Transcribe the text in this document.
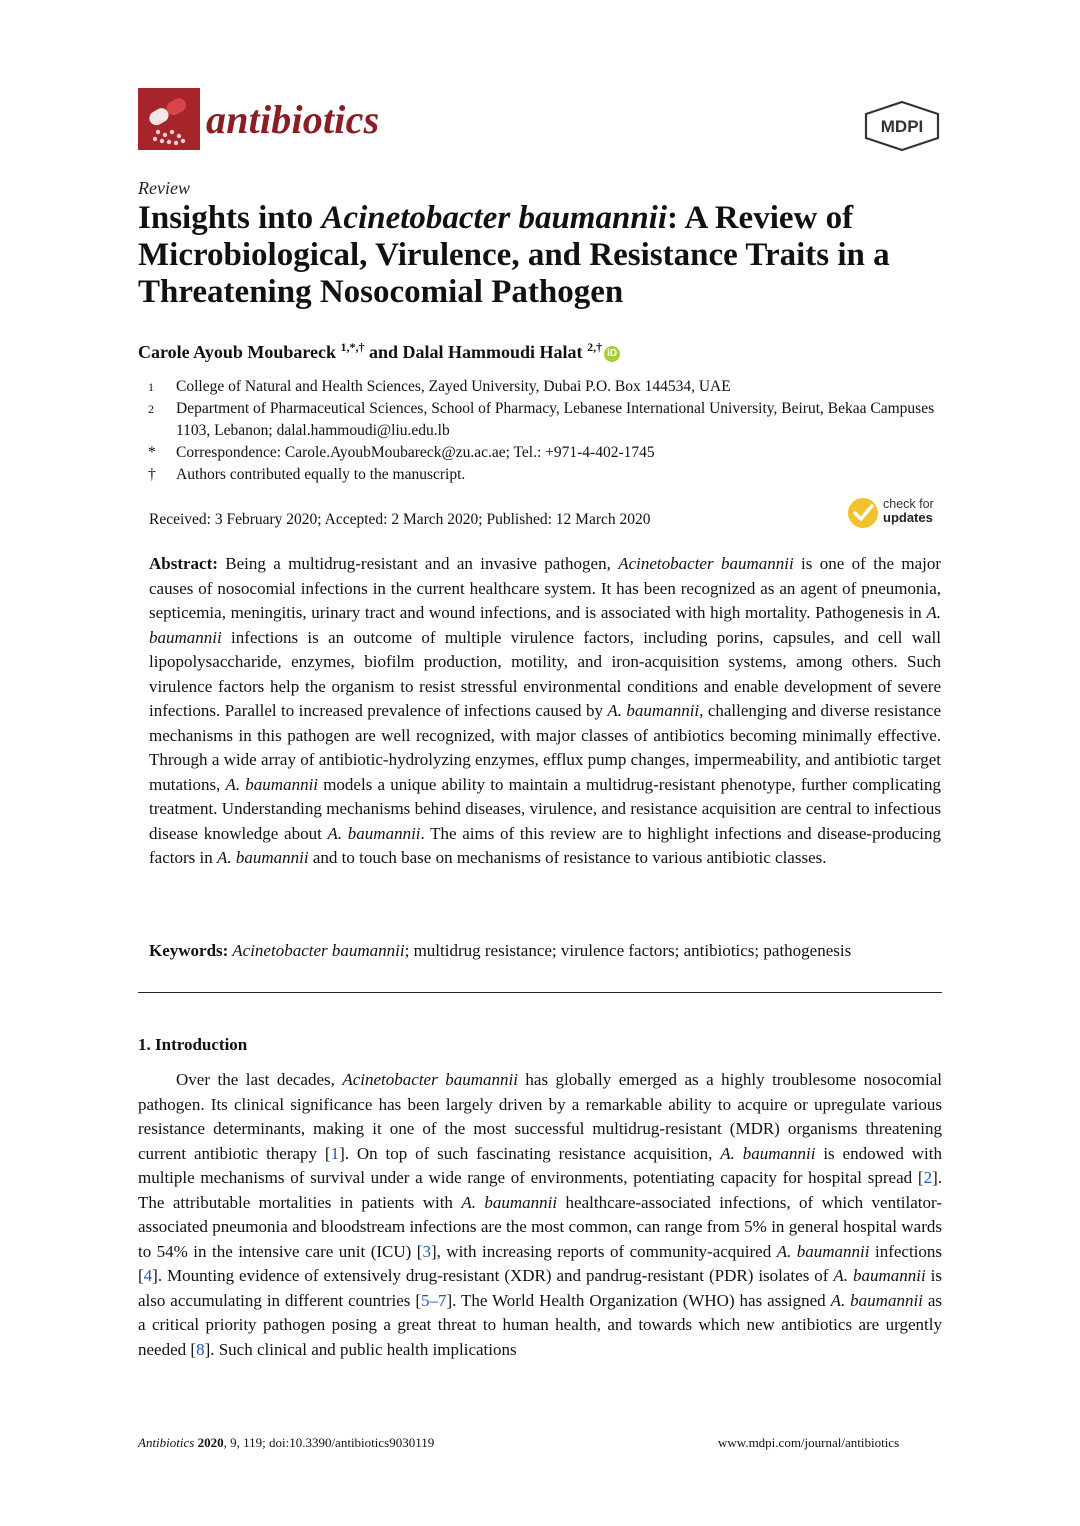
antibiotics	MDPI
Review
Insights into Acinetobacter baumannii: A Review of Microbiological, Virulence, and Resistance Traits in a Threatening Nosocomial Pathogen
Carole Ayoub Moubareck $^{1,*,\dagger}$ and Dalal Hammoudi Halat $^{2,\dagger}$ iD
1	College of Natural and Health Sciences, Zayed University, Dubai P.O. Box 144534, UAE
2	Department of Pharmaceutical Sciences, School of Pharmacy, Lebanese International University, Beirut, Bekaa Campuses 1103, Lebanon; dalal.hammoudi@liu.edu.lb
*	Correspondence: Carole.AyoubMoubareck@zu.ac.ae; Tel.: +971-4-402-1745
†	Authors contributed equally to the manuscript.
Received: 3 February 2020; Accepted: 2 March 2020; Published: 12 March 2020
check for
updates
Abstract: Being a multidrug-resistant and an invasive pathogen, Acinetobacter baumannii is one of the major causes of nosocomial infections in the current healthcare system. It has been recognized as an agent of pneumonia, septicemia, meningitis, urinary tract and wound infections, and is associated with high mortality. Pathogenesis in A. baumannii infections is an outcome of multiple virulence factors, including porins, capsules, and cell wall lipopolysaccharide, enzymes, biofilm production, motility, and iron-acquisition systems, among others. Such virulence factors help the organism to resist stressful environmental conditions and enable development of severe infections. Parallel to increased prevalence of infections caused by A. baumannii, challenging and diverse resistance mechanisms in this pathogen are well recognized, with major classes of antibiotics becoming minimally effective. Through a wide array of antibiotic-hydrolyzing enzymes, efflux pump changes, impermeability, and antibiotic target mutations, A. baumannii models a unique ability to maintain a multidrug-resistant phenotype, further complicating treatment. Understanding mechanisms behind diseases, virulence, and resistance acquisition are central to infectious disease knowledge about A. baumannii. The aims of this review are to highlight infections and disease-producing factors in A. baumannii and to touch base on mechanisms of resistance to various antibiotic classes.
Keywords: Acinetobacter baumannii; multidrug resistance; virulence factors; antibiotics; pathogenesis
1. Introduction
Over the last decades, Acinetobacter baumannii has globally emerged as a highly troublesome nosocomial pathogen. Its clinical significance has been largely driven by a remarkable ability to acquire or upregulate various resistance determinants, making it one of the most successful multidrug-resistant (MDR) organisms threatening current antibiotic therapy [1]. On top of such fascinating resistance acquisition, A. baumannii is endowed with multiple mechanisms of survival under a wide range of environments, potentiating capacity for hospital spread [2]. The attributable mortalities in patients with A. baumannii healthcare-associated infections, of which ventilator-associated pneumonia and bloodstream infections are the most common, can range from 5% in general hospital wards to 54% in the intensive care unit (ICU) [3], with increasing reports of community-acquired A. baumannii infections [4]. Mounting evidence of extensively drug-resistant (XDR) and pandrug-resistant (PDR) isolates of A. baumannii is also accumulating in different countries [5–7]. The World Health Organization (WHO) has assigned A. baumannii as a critical priority pathogen posing a great threat to human health, and towards which new antibiotics are urgently needed [8]. Such clinical and public health implications
Antibiotics 2020, 9, 119; doi:10.3390/antibiotics9030119	www.mdpi.com/journal/antibiotics
